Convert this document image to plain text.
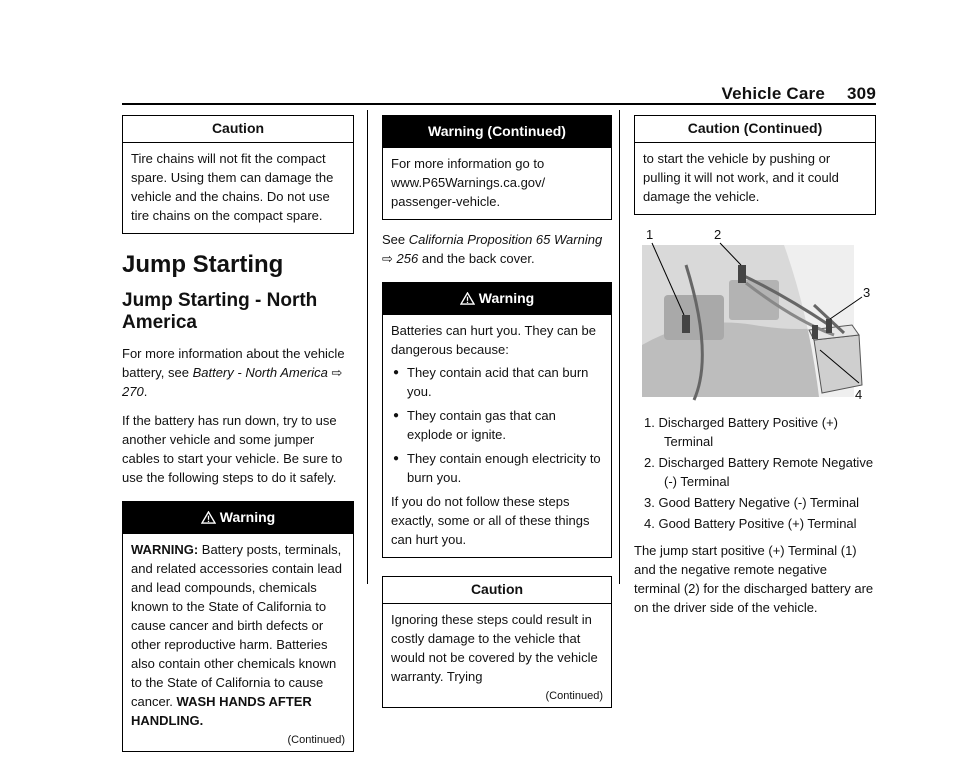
Vehicle Care 309
Caution

Tire chains will not fit the compact spare. Using them can damage the vehicle and the chains. Do not use tire chains on the compact spare.

Jump Starting
Jump Starting - North America

For more information about the vehicle battery, see Battery - North America ⇨ 270.

If the battery has run down, try to use another vehicle and some jumper cables to start your vehicle. Be sure to use the following steps to do it safely.

Warning

WARNING: Battery posts, terminals, and related accessories contain lead and lead compounds, chemicals known to the State of California to cause cancer and birth defects or other reproductive harm. Batteries also contain other chemicals known to the State of California to cause cancer. WASH HANDS AFTER HANDLING.

(Continued)
Warning (Continued)

For more information go to www.P65Warnings.ca.gov/ passenger-vehicle.

See California Proposition 65 Warning ⇨ 256 and the back cover.

Warning

Batteries can hurt you. They can be dangerous because:

● They contain acid that can burn you.
● They contain gas that can explode or ignite.
● They contain enough electricity to burn you.

If you do not follow these steps exactly, some or all of these things can hurt you.

Caution

Ignoring these steps could result in costly damage to the vehicle that would not be covered by the vehicle warranty. Trying

(Continued)
Caution (Continued)

to start the vehicle by pushing or pulling it will not work, and it could damage the vehicle.

1	2
3
4
1. Discharged Battery Positive (+) Terminal
2. Discharged Battery Remote Negative (-) Terminal
3. Good Battery Negative (-) Terminal
4. Good Battery Positive (+) Terminal

The jump start positive (+) Terminal (1) and the negative remote negative terminal (2) for the discharged battery are on the driver side of the vehicle.
